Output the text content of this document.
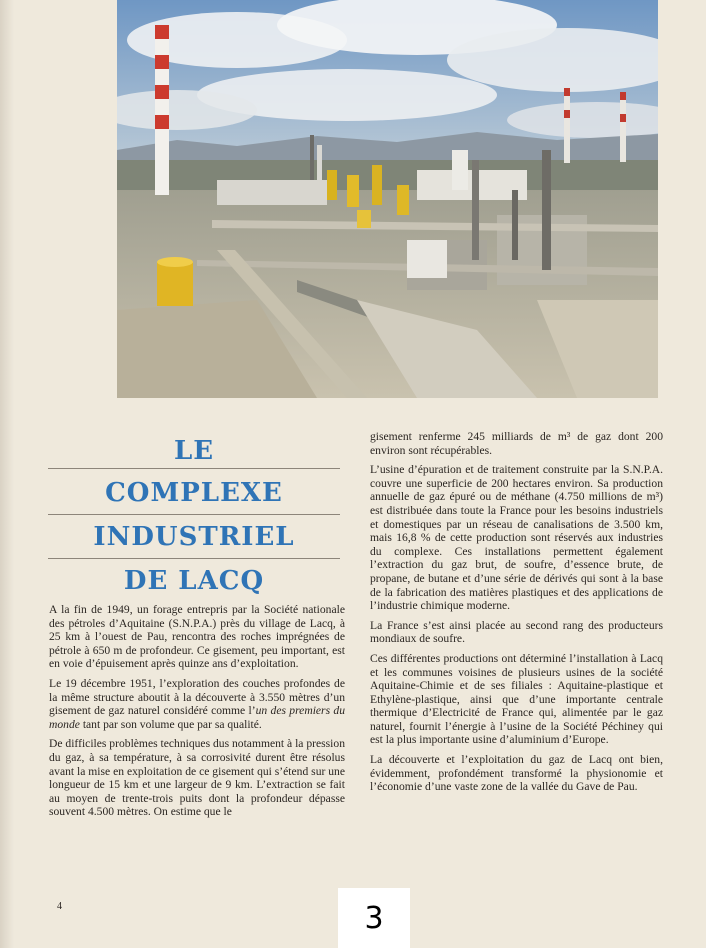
LE
COMPLEXE
INDUSTRIEL
DE LACQ

A la fin de 1949, un forage entrepris par la Société nationale des pétroles d’Aquitaine (S.N.P.A.) près du village de Lacq, à 25 km à l’ouest de Pau, rencontra des roches imprégnées de pétrole à 650 m de profondeur. Ce gisement, peu important, est en voie d’épuisement après quinze ans d’exploitation.

Le 19 décembre 1951, l’exploration des couches profondes de la même structure aboutit à la découverte à 3.550 mètres d’un gisement de gaz naturel considéré comme l’un des premiers du monde tant par son volume que par sa qualité.

De difficiles problèmes techniques dus notamment à la pression du gaz, à sa température, à sa corrosivité durent être résolus avant la mise en exploitation de ce gisement qui s’étend sur une longueur de 15 km et une largeur de 9 km. L’extraction se fait au moyen de trente-trois puits dont la profondeur dépasse souvent 4.500 mètres. On estime que le

gisement renferme 245 milliards de m³ de gaz dont 200 environ sont récupérables.

L’usine d’épuration et de traitement construite par la S.N.P.A. couvre une superficie de 200 hectares environ. Sa production annuelle de gaz épuré ou de méthane (4.750 millions de m³) est distribuée dans toute la France pour les besoins industriels et domestiques par un réseau de canalisations de 3.500 km, mais 16,8 % de cette production sont réservés aux industries du complexe. Ces installations permettent également l’extraction du gaz brut, de soufre, d’essence brute, de propane, de butane et d’une série de dérivés qui sont à la base de la fabrication des matières plastiques et des applications de l’industrie chimique moderne.

La France s’est ainsi placée au second rang des producteurs mondiaux de soufre.

Ces différentes productions ont déterminé l’installation à Lacq et les communes voisines de plusieurs usines de la société Aquitaine-Chimie et de ses filiales : Aquitaine-plastique et Ethylène-plastique, ainsi que d’une importante centrale thermique d’Electricité de France qui, alimentée par le gaz naturel, fournit l’énergie à l’usine de la Société Péchiney qui est la plus importante usine d’aluminium d’Europe.

La découverte et l’exploitation du gaz de Lacq ont bien, évidemment, profondément transformé la physionomie et l’économie d’une vaste zone de la vallée du Gave de Pau.

4	3
